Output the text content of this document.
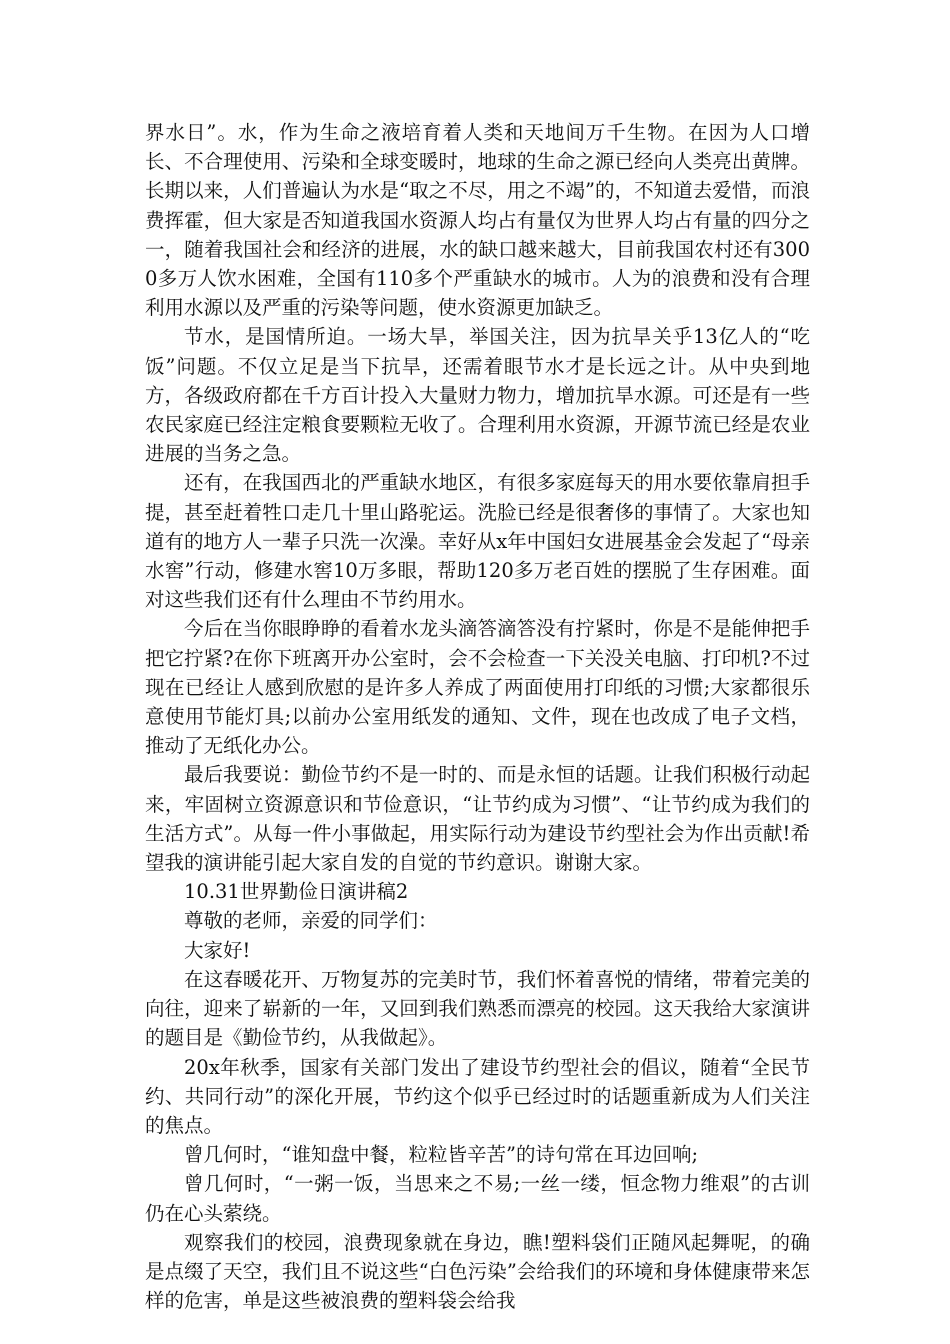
界水日”。水，作为生命之液培育着人类和天地间万千生物。在因为人口增长、不合理使用、污染和全球变暖时，地球的生命之源已经向人类亮出黄牌。长期以来，人们普遍认为水是“取之不尽，用之不竭”的，不知道去爱惜，而浪费挥霍，但大家是否知道我国水资源人均占有量仅为世界人均占有量的四分之一，随着我国社会和经济的进展，水的缺口越来越大，目前我国农村还有3000多万人饮水困难，全国有110多个严重缺水的城市。人为的浪费和没有合理利用水源以及严重的污染等问题，使水资源更加缺乏。

节水，是国情所迫。一场大旱，举国关注，因为抗旱关乎13亿人的“吃饭”问题。不仅立足是当下抗旱，还需着眼节水才是长远之计。从中央到地方，各级政府都在千方百计投入大量财力物力，增加抗旱水源。可还是有一些农民家庭已经注定粮食要颗粒无收了。合理利用水资源，开源节流已经是农业进展的当务之急。

还有，在我国西北的严重缺水地区，有很多家庭每天的用水要依靠肩担手提，甚至赶着牲口走几十里山路驼运。洗脸已经是很奢侈的事情了。大家也知道有的地方人一辈子只洗一次澡。幸好从x年中国妇女进展基金会发起了“母亲水窖”行动，修建水窖10万多眼，帮助120多万老百姓的摆脱了生存困难。面对这些我们还有什么理由不节约用水。

今后在当你眼睁睁的看着水龙头滴答滴答没有拧紧时，你是不是能伸把手把它拧紧?在你下班离开办公室时，会不会检查一下关没关电脑、打印机?不过现在已经让人感到欣慰的是许多人养成了两面使用打印纸的习惯;大家都很乐意使用节能灯具;以前办公室用纸发的通知、文件，现在也改成了电子文档，推动了无纸化办公。

最后我要说：勤俭节约不是一时的、而是永恒的话题。让我们积极行动起来，牢固树立资源意识和节俭意识，“让节约成为习惯”、“让节约成为我们的生活方式”。从每一件小事做起，用实际行动为建设节约型社会为作出贡献!希望我的演讲能引起大家自发的自觉的节约意识。谢谢大家。

10.31世界勤俭日演讲稿2

尊敬的老师，亲爱的同学们：

大家好!

在这春暖花开、万物复苏的完美时节，我们怀着喜悦的情绪，带着完美的向往，迎来了崭新的一年，又回到我们熟悉而漂亮的校园。这天我给大家演讲的题目是《勤俭节约，从我做起》。

20x年秋季，国家有关部门发出了建设节约型社会的倡议，随着“全民节约、共同行动”的深化开展，节约这个似乎已经过时的话题重新成为人们关注的焦点。

曾几何时，“谁知盘中餐，粒粒皆辛苦”的诗句常在耳边回响;

曾几何时，“一粥一饭，当思来之不易;一丝一缕，恒念物力维艰”的古训仍在心头萦绕。

观察我们的校园，浪费现象就在身边，瞧!塑料袋们正随风起舞呢，的确是点缀了天空，我们且不说这些“白色污染”会给我们的环境和身体健康带来怎样的危害，单是这些被浪费的塑料袋会给我
